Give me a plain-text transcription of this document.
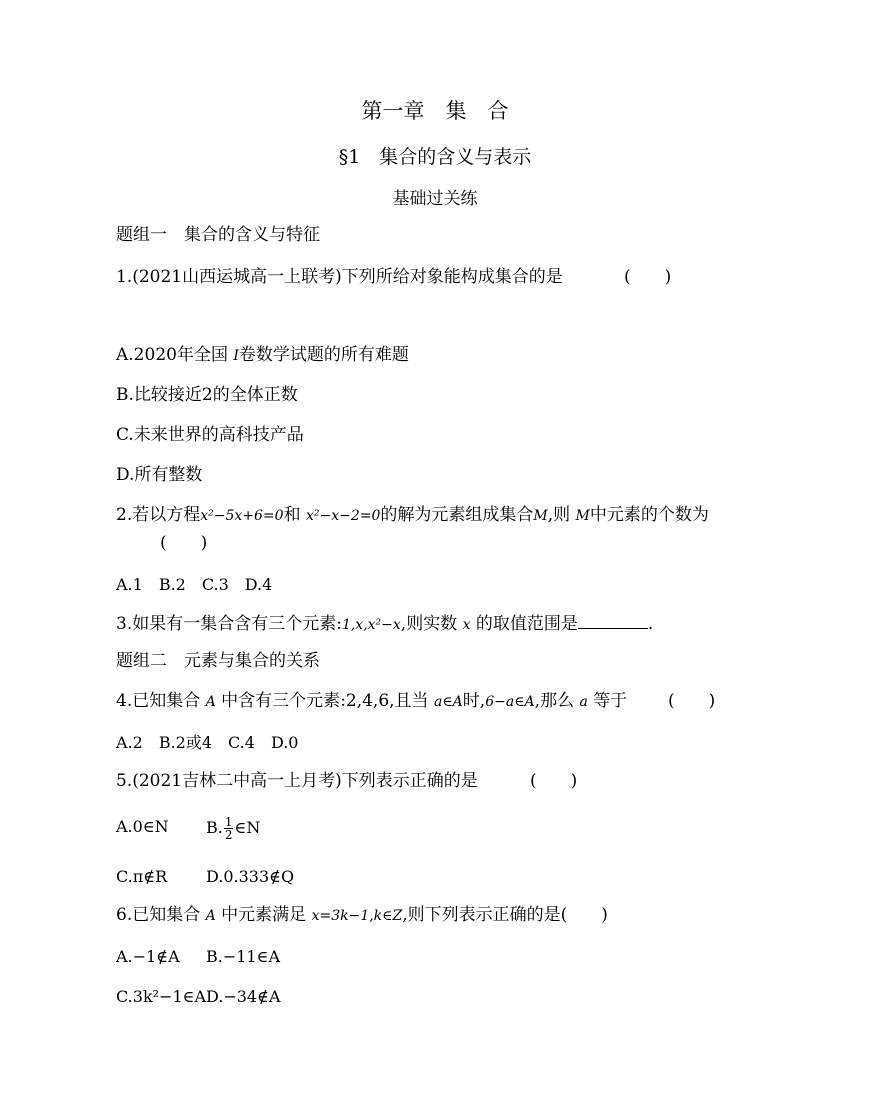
第一章　集　合
§1　集合的含义与表示
基础过关练
题组一　集合的含义与特征
1.(2021山西运城高一上联考)下列所给对象能构成集合的是	(　　)
A.2020年全国 I卷数学试题的所有难题
B.比较接近2的全体正数
C.未来世界的高科技产品
D.所有整数
2.若以方程x²−5x+6=0和 x²−x−2=0的解为元素组成集合M,则 M中元素的个数为
(　　)
A.1　B.2　C.3　D.4
3.如果有一集合含有三个元素:1,x,x²−x,则实数 x 的取值范围是	.
题组二　元素与集合的关系
4.已知集合 A 中含有三个元素:2,4,6,且当 a∈A时,6−a∈A,那么 a 等于 (　　)
A.2　B.2或4　C.4　D.0
5.(2021吉林二中高一上月考)下列表示正确的是	(　　)
A.0∈N B. $\frac{1}{2}$ ∈N
C.π∉R D.0.333∉Q
6.已知集合 A 中元素满足 x=3k−1,k∈Z,则下列表示正确的是(　　)
A.−1∉A B.−11∈A
C.3k²−1∈A D.−34∉A
